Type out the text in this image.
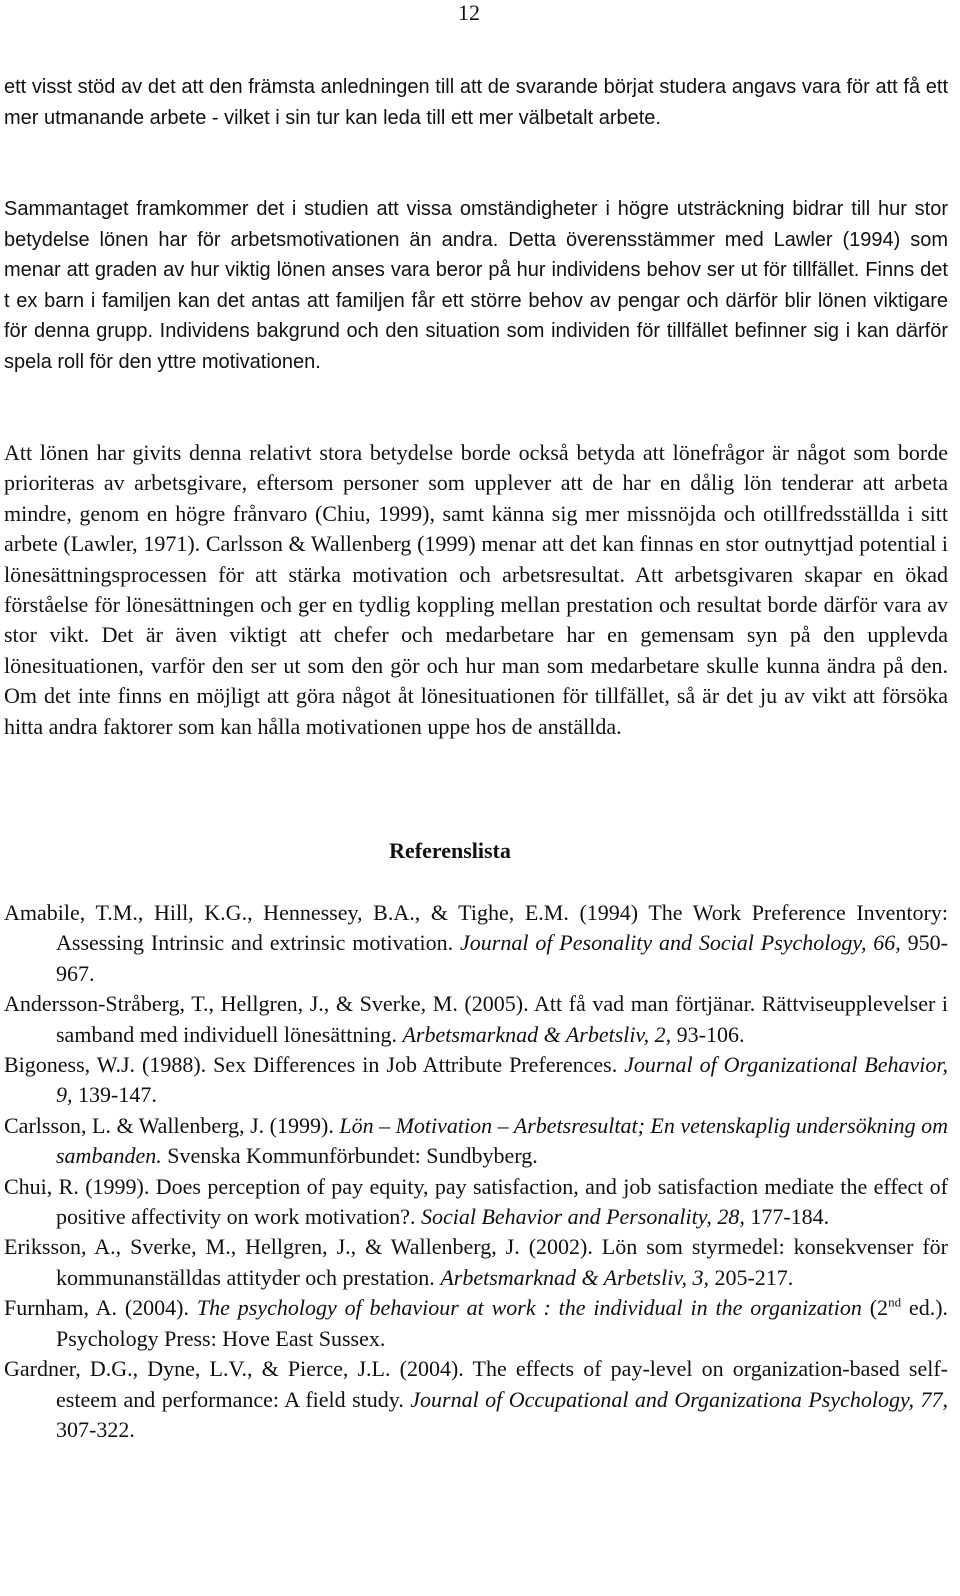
12

ett visst stöd av det att den främsta anledningen till att de svarande börjat studera angavs vara för att få ett mer utmanande arbete - vilket i sin tur kan leda till ett mer välbetalt arbete.

Sammantaget framkommer det i studien att vissa omständigheter i högre utsträckning bidrar till hur stor betydelse lönen har för arbetsmotivationen än andra. Detta överensstämmer med Lawler (1994) som menar att graden av hur viktig lönen anses vara beror på hur individens behov ser ut för tillfället. Finns det t ex barn i familjen kan det antas att familjen får ett större behov av pengar och därför blir lönen viktigare för denna grupp. Individens bakgrund och den situation som individen för tillfället befinner sig i kan därför spela roll för den yttre motivationen.

Att lönen har givits denna relativt stora betydelse borde också betyda att lönefrågor är något som borde prioriteras av arbetsgivare, eftersom personer som upplever att de har en dålig lön tenderar att arbeta mindre, genom en högre frånvaro (Chiu, 1999), samt känna sig mer missnöjda och otillfredsställda i sitt arbete (Lawler, 1971). Carlsson & Wallenberg (1999) menar att det kan finnas en stor outnyttjad potential i lönesättningsprocessen för att stärka motivation och arbetsresultat. Att arbetsgivaren skapar en ökad förståelse för lönesättningen och ger en tydlig koppling mellan prestation och resultat borde därför vara av stor vikt. Det är även viktigt att chefer och medarbetare har en gemensam syn på den upplevda lönesituationen, varför den ser ut som den gör och hur man som medarbetare skulle kunna ändra på den. Om det inte finns en möjligt att göra något åt lönesituationen för tillfället, så är det ju av vikt att försöka hitta andra faktorer som kan hålla motivationen uppe hos de anställda.

Referenslista
Amabile, T.M., Hill, K.G., Hennessey, B.A., & Tighe, E.M. (1994) The Work Preference Inventory: Assessing Intrinsic and extrinsic motivation. Journal of Pesonality and Social Psychology, 66, 950-967.
Andersson-Stråberg, T., Hellgren, J., & Sverke, M. (2005). Att få vad man förtjänar. Rättviseupplevelser i samband med individuell lönesättning. Arbetsmarknad & Arbetsliv, 2, 93-106.
Bigoness, W.J. (1988). Sex Differences in Job Attribute Preferences. Journal of Organizational Behavior, 9, 139-147.
Carlsson, L. & Wallenberg, J. (1999). Lön – Motivation – Arbetsresultat; En vetenskaplig undersökning om sambanden. Svenska Kommunförbundet: Sundbyberg.
Chui, R. (1999). Does perception of pay equity, pay satisfaction, and job satisfaction mediate the effect of positive affectivity on work motivation?. Social Behavior and Personality, 28, 177-184.
Eriksson, A., Sverke, M., Hellgren, J., & Wallenberg, J. (2002). Lön som styrmedel: konsekvenser för kommunanställdas attityder och prestation. Arbetsmarknad & Arbetsliv, 3, 205-217.
Furnham, A. (2004). The psychology of behaviour at work : the individual in the organization (2nd ed.). Psychology Press: Hove East Sussex.
Gardner, D.G., Dyne, L.V., & Pierce, J.L. (2004). The effects of pay-level on organization-based self-esteem and performance: A field study. Journal of Occupational and Organizationa Psychology, 77, 307-322.
